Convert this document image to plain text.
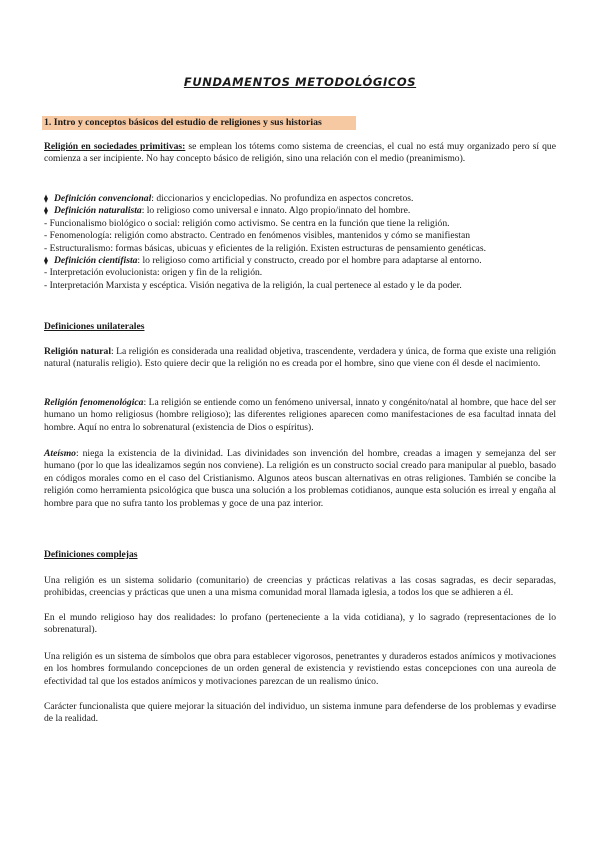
FUNDAMENTOS METODOLÓGICOS
1. Intro y conceptos básicos del estudio de religiones y sus historias
Religión en sociedades primitivas: se emplean los tótems como sistema de creencias, el cual no está muy organizado pero sí que comienza a ser incipiente. No hay concepto básico de religión, sino una relación con el medio (preanimismo).
⧫ Definición convencional: diccionarios y enciclopedias. No profundiza en aspectos concretos.
⧫ Definición naturalista: lo religioso como universal e innato. Algo propio/innato del hombre.
- Funcionalismo biológico o social: religión como activismo. Se centra en la función que tiene la religión.
- Fenomenología: religión como abstracto. Centrado en fenómenos visibles, mantenidos y cómo se manifiestan
- Estructuralismo: formas básicas, ubicuas y eficientes de la religión. Existen estructuras de pensamiento genéticas.
⧫ Definición científista: lo religioso como artificial y constructo, creado por el hombre para adaptarse al entorno.
- Interpretación evolucionista: origen y fin de la religión.
- Interpretación Marxista y escéptica. Visión negativa de la religión, la cual pertenece al estado y le da poder.
Definiciones unilaterales
Religión natural: La religión es considerada una realidad objetiva, trascendente, verdadera y única, de forma que existe una religión natural (naturalis religio). Esto quiere decir que la religión no es creada por el hombre, sino que viene con él desde el nacimiento.
Religión fenomenológica: La religión se entiende como un fenómeno universal, innato y congénito/natal al hombre, que hace del ser humano un homo religiosus (hombre religioso); las diferentes religiones aparecen como manifestaciones de esa facultad innata del hombre. Aquí no entra lo sobrenatural (existencia de Dios o espíritus).
Ateísmo: niega la existencia de la divinidad. Las divinidades son invención del hombre, creadas a imagen y semejanza del ser humano (por lo que las idealizamos según nos conviene). La religión es un constructo social creado para manipular al pueblo, basado en códigos morales como en el caso del Cristianismo. Algunos ateos buscan alternativas en otras religiones. También se concibe la religión como herramienta psicológica que busca una solución a los problemas cotidianos, aunque esta solución es irreal y engaña al hombre para que no sufra tanto los problemas y goce de una paz interior.
Definiciones complejas
Una religión es un sistema solidario (comunitario) de creencias y prácticas relativas a las cosas sagradas, es decir separadas, prohibidas, creencias y prácticas que unen a una misma comunidad moral llamada iglesia, a todos los que se adhieren a él.
En el mundo religioso hay dos realidades: lo profano (perteneciente a la vida cotidiana), y lo sagrado (representaciones de lo sobrenatural).
Una religión es un sistema de símbolos que obra para establecer vigorosos, penetrantes y duraderos estados anímicos y motivaciones en los hombres formulando concepciones de un orden general de existencia y revistiendo estas concepciones con una aureola de efectividad tal que los estados anímicos y motivaciones parezcan de un realismo único.
Carácter funcionalista que quiere mejorar la situación del individuo, un sistema inmune para defenderse de los problemas y evadirse de la realidad.
